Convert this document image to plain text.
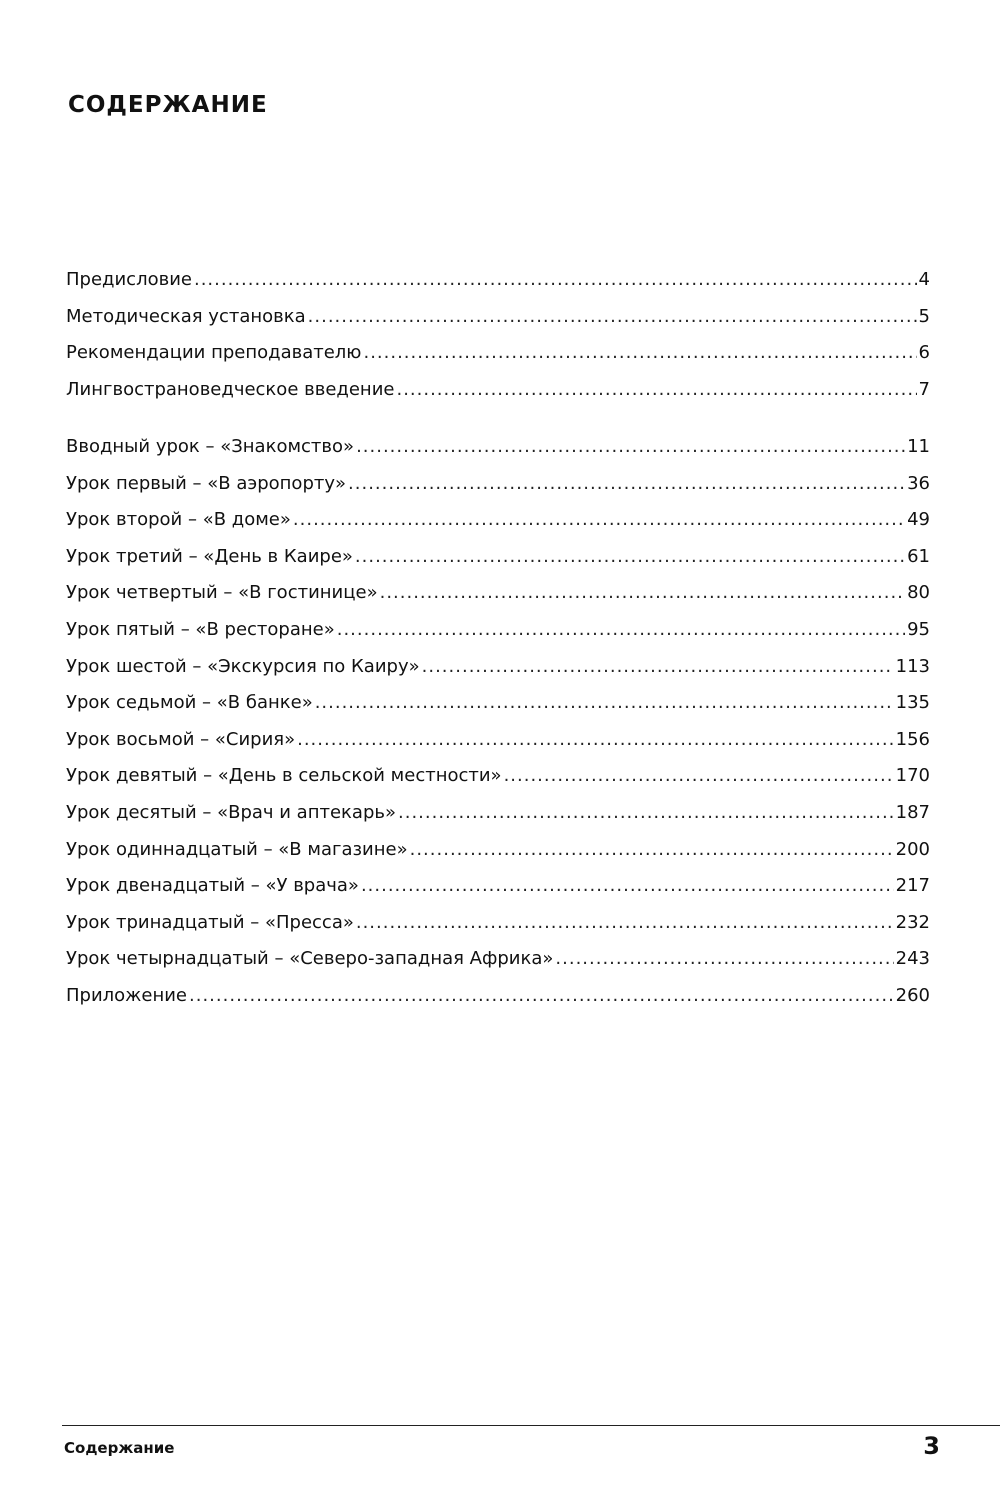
СОДЕРЖАНИЕ
Предисловие .....	4
Методическая установка .....	5
Рекомендации преподавателю .....	6
Лингвострановедческое введение .....	7
Вводный урок – «Знакомство» .....	11
Урок первый – «В аэропорту» .....	36
Урок второй – «В доме» .....	49
Урок третий – «День в Каире» .....	61
Урок четвертый – «В гостинице» .....	80
Урок пятый – «В ресторане» .....	95
Урок шестой – «Экскурсия по Каиру» .....	113
Урок седьмой – «В банке» .....	135
Урок восьмой – «Сирия» .....	156
Урок девятый – «День в сельской местности» .....	170
Урок десятый – «Врач и аптекарь» .....	187
Урок одиннадцатый – «В магазине» .....	200
Урок двенадцатый – «У врача» .....	217
Урок тринадцатый – «Пресса» .....	232
Урок четырнадцатый – «Северо-западная Африка» .....	243
Приложение .....	260
Содержание	3
